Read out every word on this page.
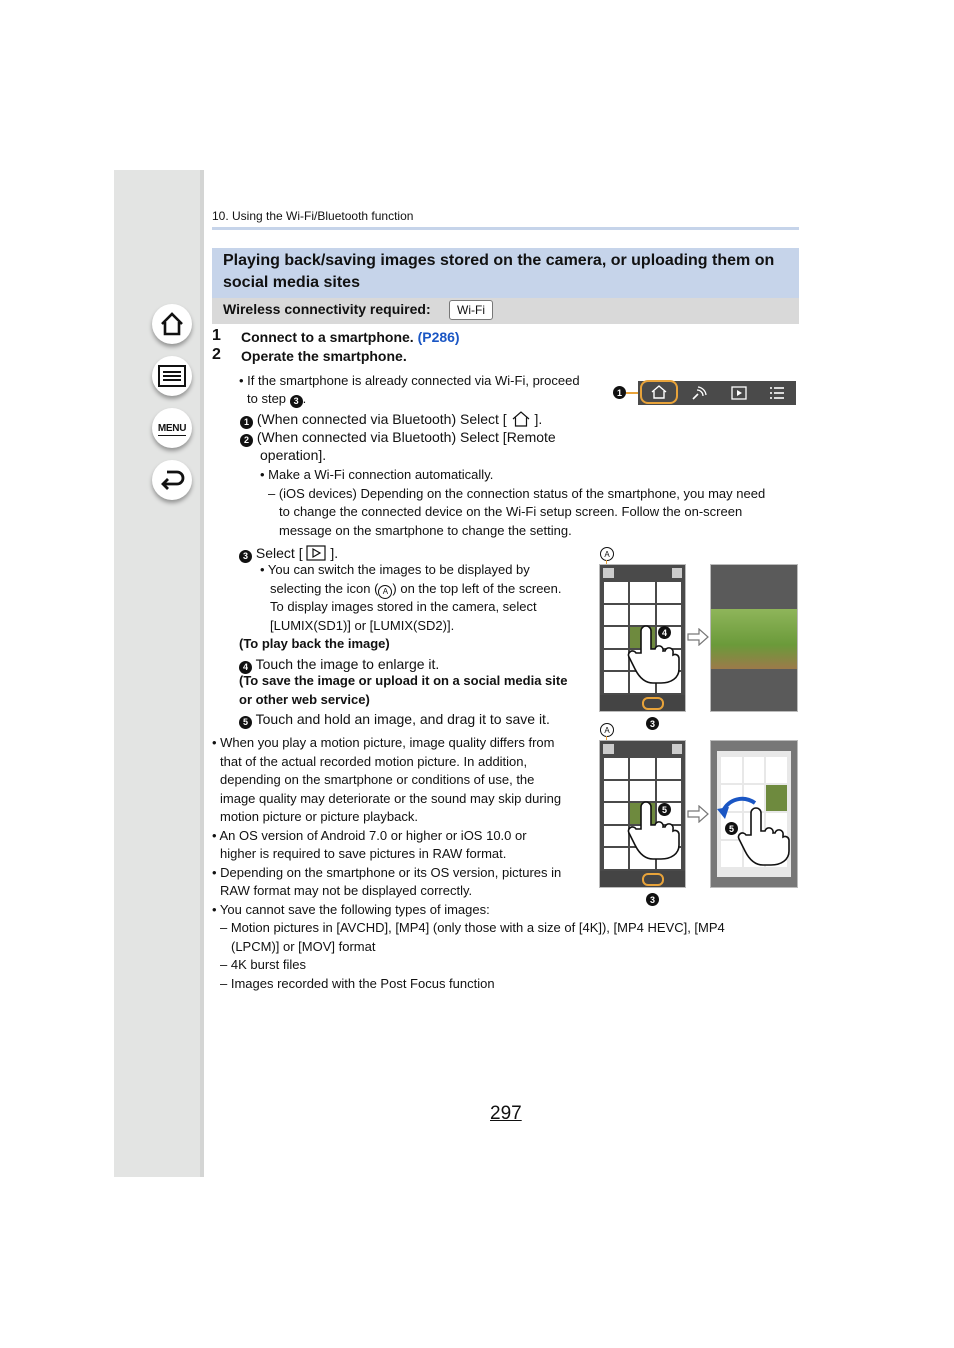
MENU
10. Using the Wi-Fi/Bluetooth function
Playing back/saving images stored on the camera, or uploading them on social media sites
Wireless connectivity required:	Wi-Fi
1 Connect to a smartphone. (P286)
2 Operate the smartphone.
• If the smartphone is already connected via Wi-Fi, proceed
to step 3 .
1 (When connected via Bluetooth) Select [ ].
2 (When connected via Bluetooth) Select [Remote
operation].
• Make a Wi-Fi connection automatically.
– (iOS devices) Depending on the connection status of the smartphone, you may need
to change the connected device on the Wi-Fi setup screen. Follow the on-screen
message on the smartphone to change the setting.
3 Select [ ].
• You can switch the images to be displayed by
selecting the icon ( A ) on the top left of the screen.
To display images stored in the camera, select
[LUMIX(SD1)] or [LUMIX(SD2)].
(To play back the image)
4 Touch the image to enlarge it.
(To save the image or upload it on a social media site
or other web service)
5 Touch and hold an image, and drag it to save it.
• When you play a motion picture, image quality differs from
that of the actual recorded motion picture. In addition,
depending on the smartphone or conditions of use, the
image quality may deteriorate or the sound may skip during
motion picture or picture playback.
• An OS version of Android 7.0 or higher or iOS 10.0 or
higher is required to save pictures in RAW format.
• Depending on the smartphone or its OS version, pictures in
RAW format may not be displayed correctly.
• You cannot save the following types of images:
– Motion pictures in [AVCHD], [MP4] (only those with a size of [4K]), [MP4 HEVC], [MP4
(LPCM)] or [MOV] format
– 4K burst files
– Images recorded with the Post Focus function
297
1
A
4
3
A
5
3
5
